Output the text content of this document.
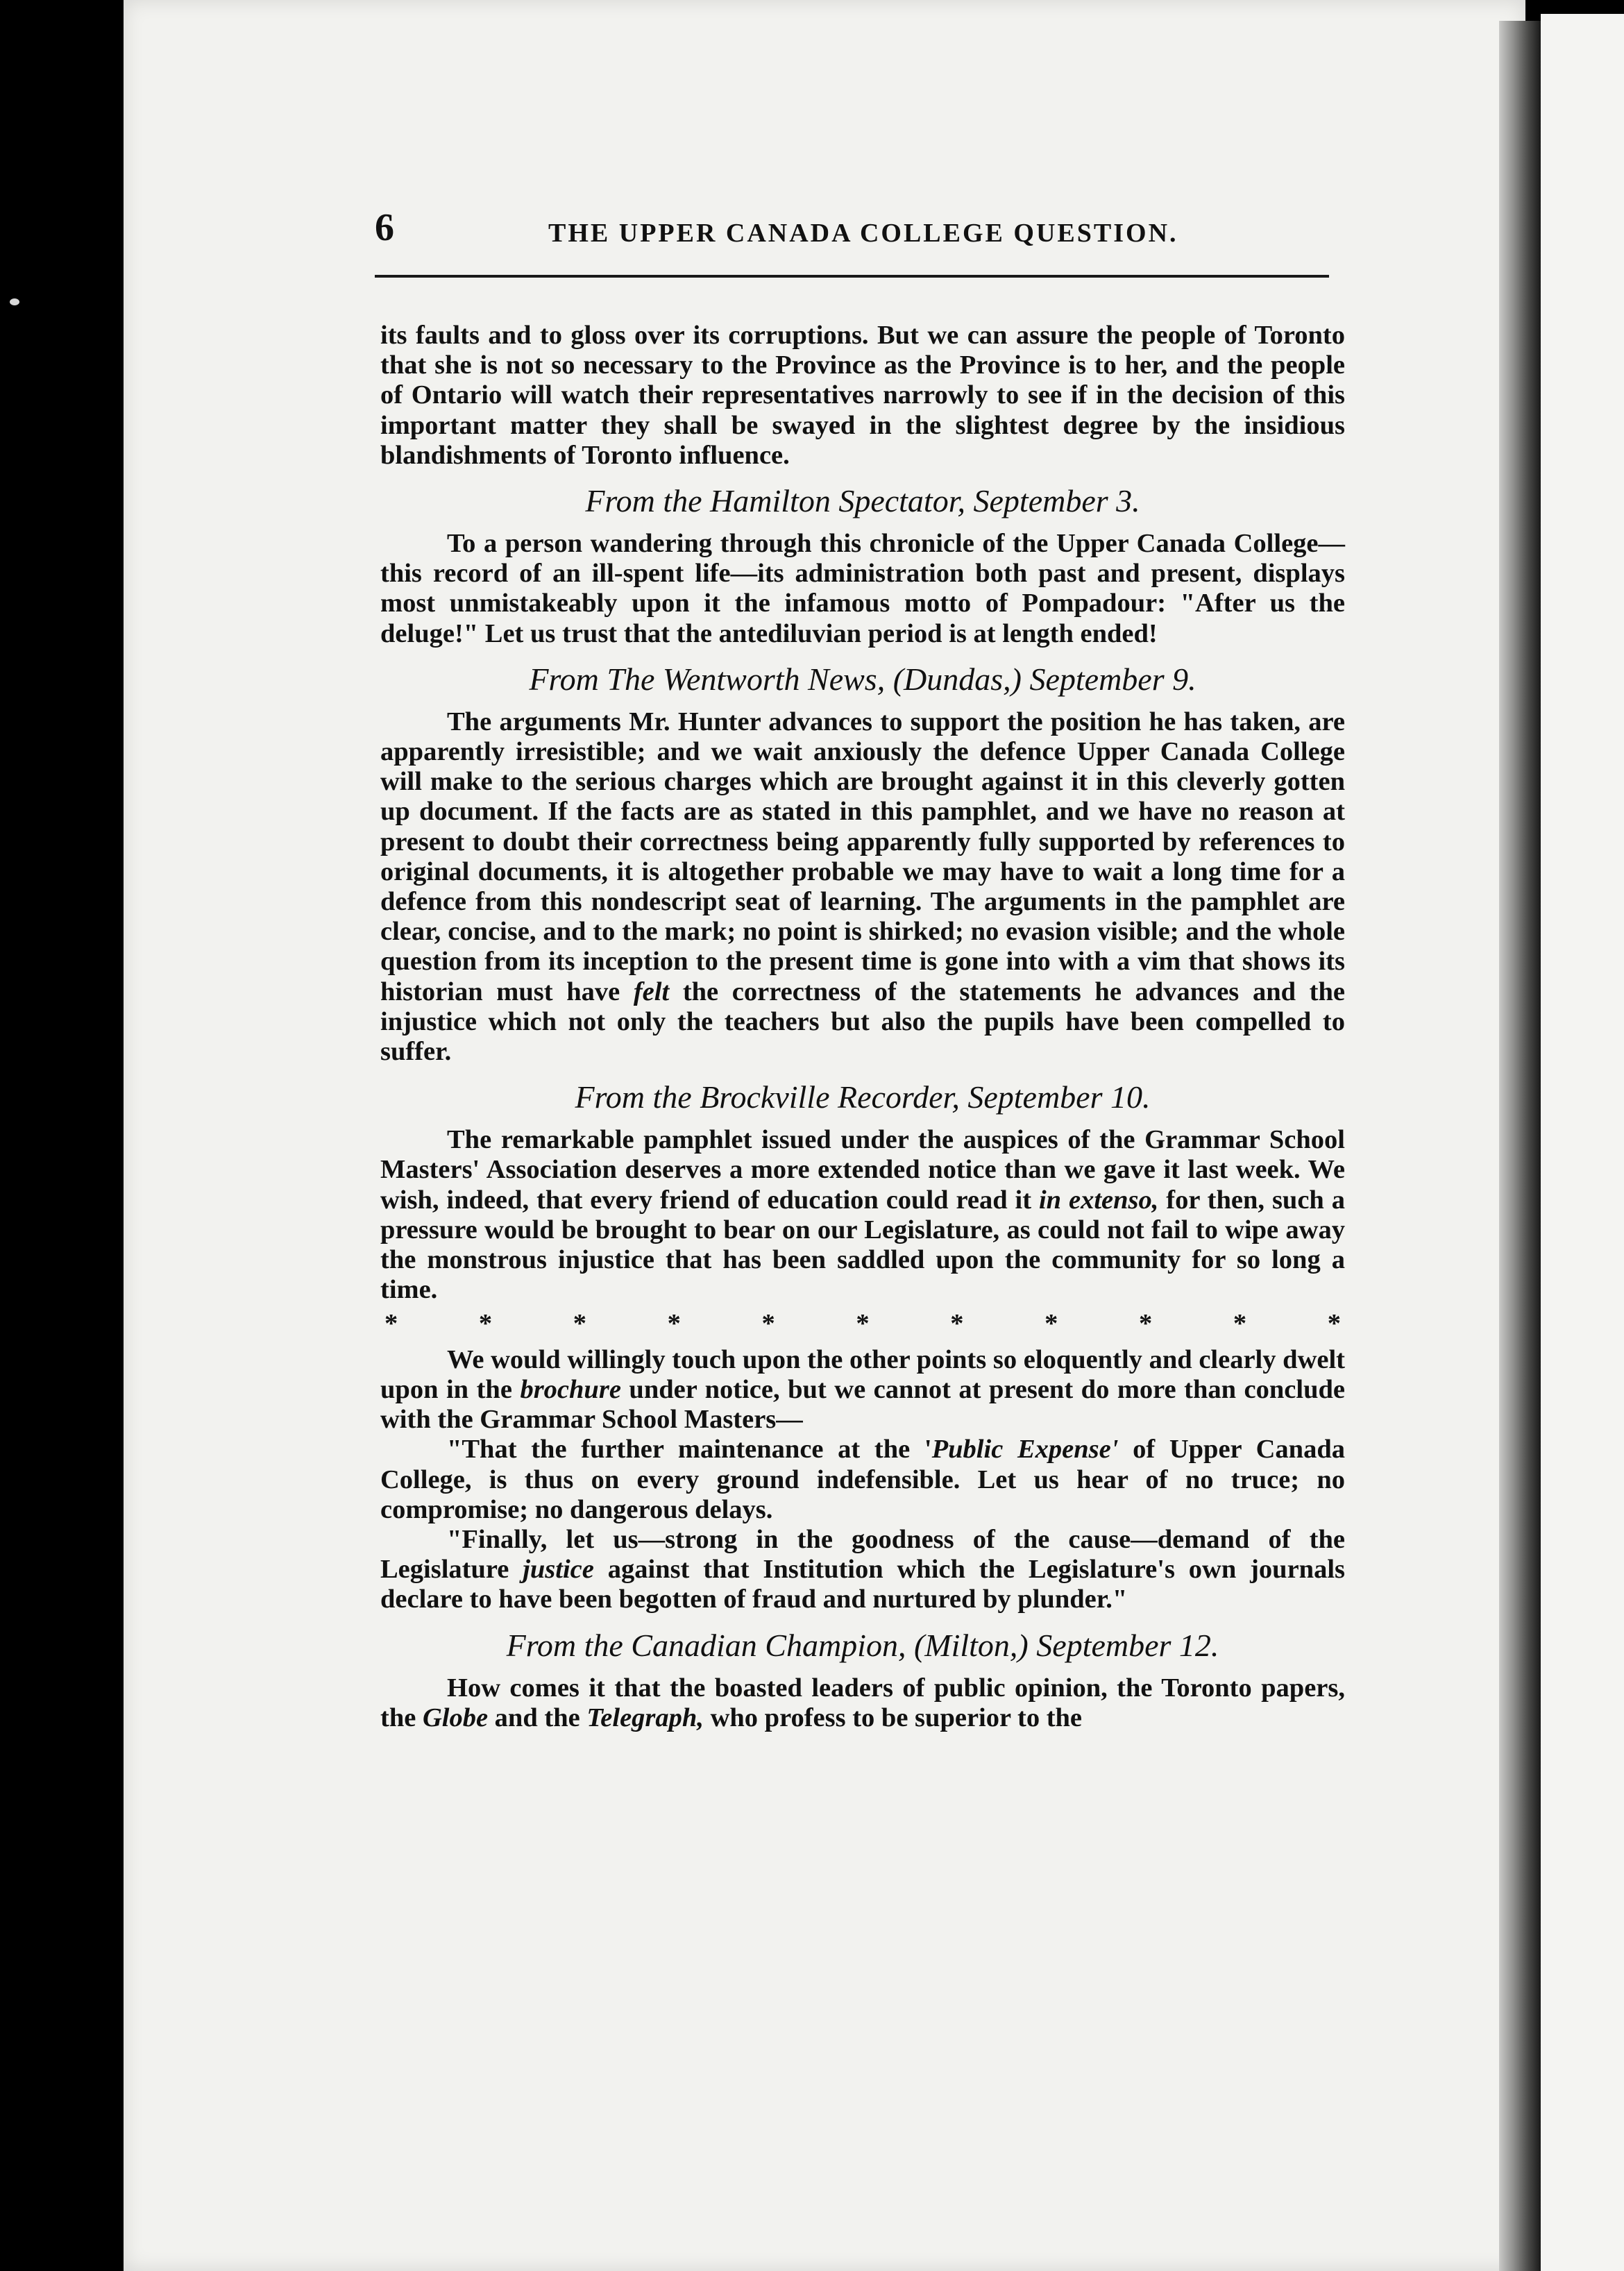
6	THE UPPER CANADA COLLEGE QUESTION.

its faults and to gloss over its corruptions. But we can assure the people of Toronto that she is not so necessary to the Province as the Province is to her, and the people of Ontario will watch their representatives narrowly to see if in the decision of this important matter they shall be swayed in the slightest degree by the insidious blandishments of Toronto influence.

From the Hamilton Spectator, September 3.

To a person wandering through this chronicle of the Upper Canada College—this record of an ill-spent life—its administration both past and present, displays most unmistakeably upon it the infamous motto of Pompadour: "After us the deluge!" Let us trust that the antediluvian period is at length ended!

From The Wentworth News, (Dundas,) September 9.

The arguments Mr. Hunter advances to support the position he has taken, are apparently irresistible; and we wait anxiously the defence Upper Canada College will make to the serious charges which are brought against it in this cleverly gotten up document. If the facts are as stated in this pamphlet, and we have no reason at present to doubt their correctness being apparently fully supported by references to original documents, it is altogether probable we may have to wait a long time for a defence from this nondescript seat of learning. The arguments in the pamphlet are clear, concise, and to the mark; no point is shirked; no evasion visible; and the whole question from its inception to the present time is gone into with a vim that shows its historian must have felt the correctness of the statements he advances and the injustice which not only the teachers but also the pupils have been compelled to suffer.

From the Brockville Recorder, September 10.

The remarkable pamphlet issued under the auspices of the Grammar School Masters' Association deserves a more extended notice than we gave it last week. We wish, indeed, that every friend of education could read it in extenso, for then, such a pressure would be brought to bear on our Legislature, as could not fail to wipe away the monstrous injustice that has been saddled upon the community for so long a time.

*	*	*	*	*	*	*	*	*	*	*

We would willingly touch upon the other points so eloquently and clearly dwelt upon in the brochure under notice, but we cannot at present do more than conclude with the Grammar School Masters—

"That the further maintenance at the 'Public Expense' of Upper Canada College, is thus on every ground indefensible. Let us hear of no truce; no compromise; no dangerous delays.

"Finally, let us—strong in the goodness of the cause—demand of the Legislature justice against that Institution which the Legislature's own journals declare to have been begotten of fraud and nurtured by plunder."

From the Canadian Champion, (Milton,) September 12.

How comes it that the boasted leaders of public opinion, the Toronto papers, the Globe and the Telegraph, who profess to be superior to the
